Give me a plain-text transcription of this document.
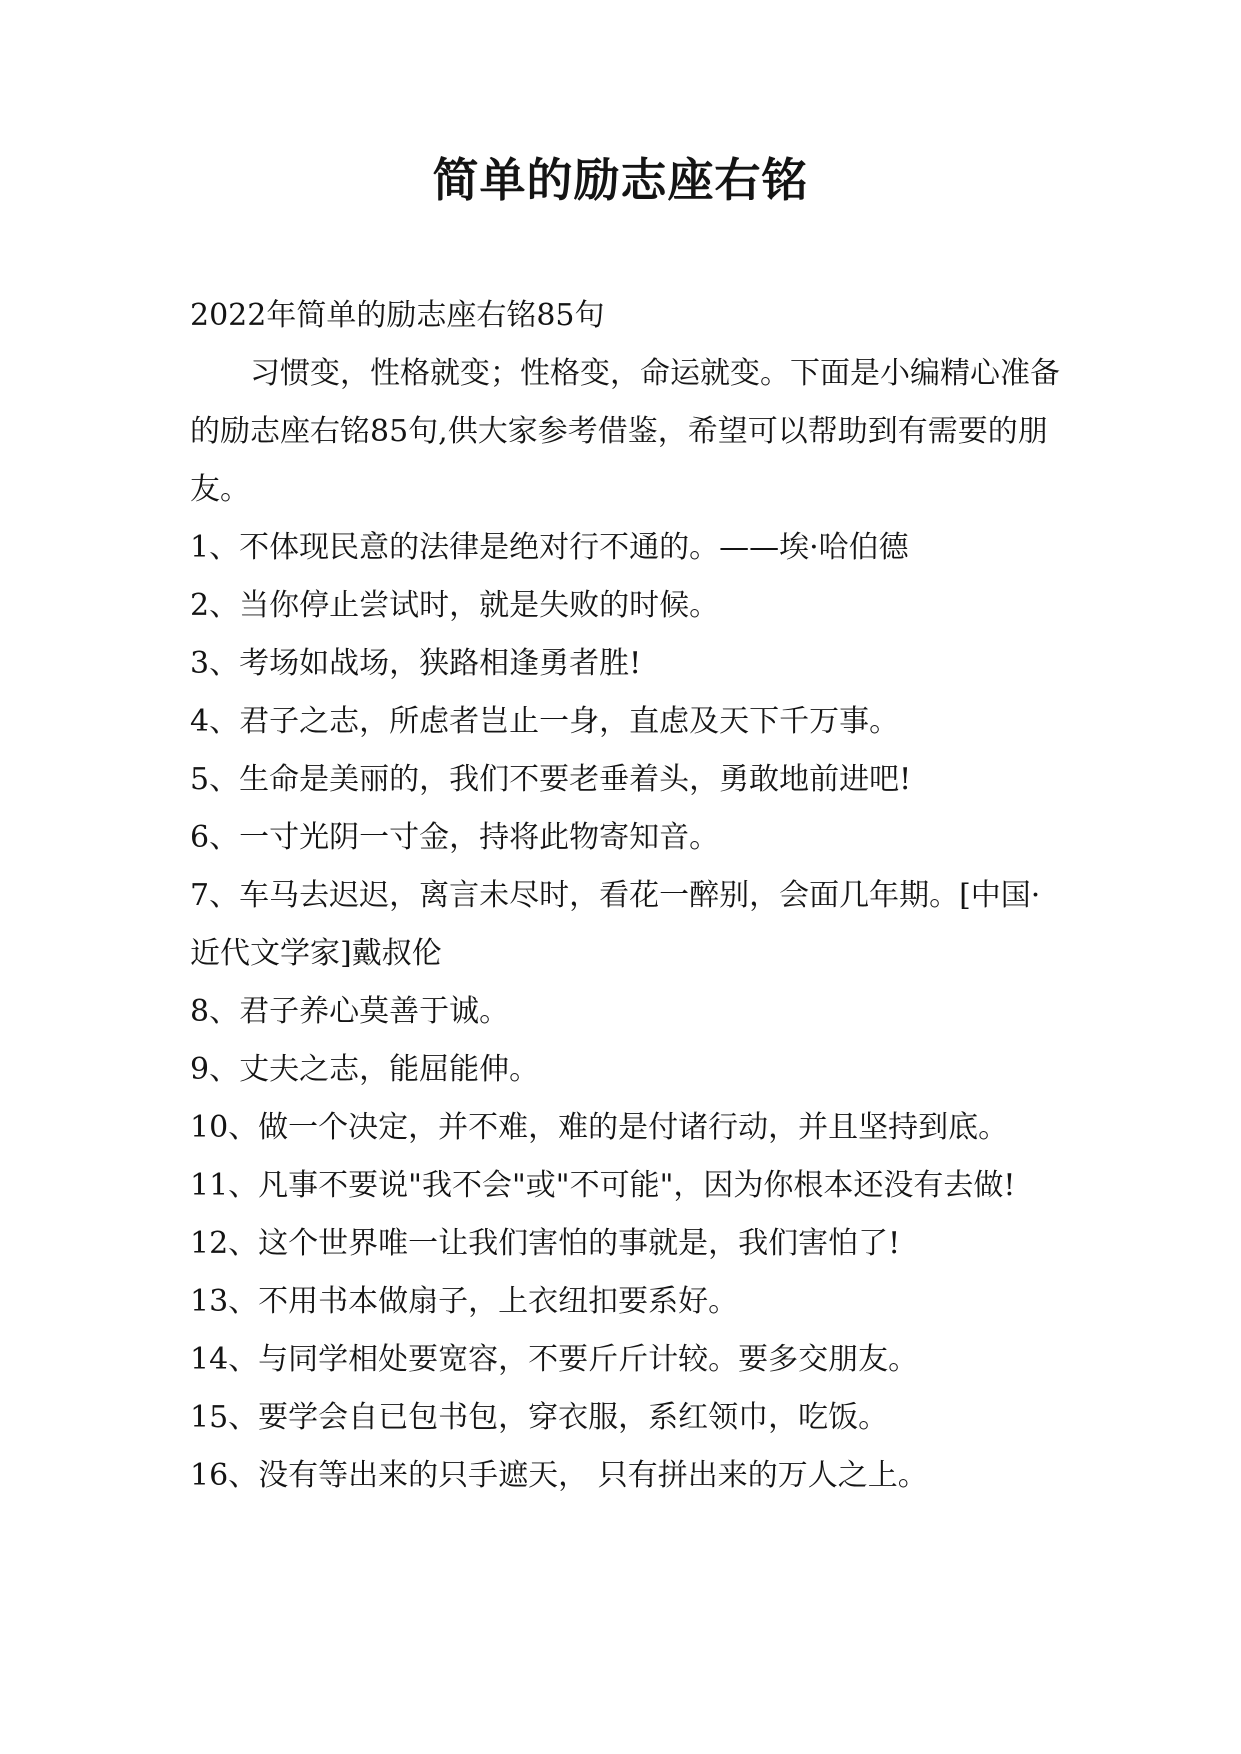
简单的励志座右铭

2022年简单的励志座右铭85句

习惯变，性格就变；性格变，命运就变。下面是小编精心准备的励志座右铭85句,供大家参考借鉴，希望可以帮助到有需要的朋友。

1、不体现民意的法律是绝对行不通的。——埃·哈伯德

2、当你停止尝试时，就是失败的时候。

3、考场如战场，狭路相逢勇者胜!

4、君子之志，所虑者岂止一身，直虑及天下千万事。

5、生命是美丽的，我们不要老垂着头，勇敢地前进吧!

6、一寸光阴一寸金，持将此物寄知音。

7、车马去迟迟，离言未尽时，看花一醉别，会面几年期。[中国·近代文学家]戴叔伦

8、君子养心莫善于诚。

9、丈夫之志，能屈能伸。

10、做一个决定，并不难，难的是付诸行动，并且坚持到底。

11、凡事不要说"我不会"或"不可能"，因为你根本还没有去做!

12、这个世界唯一让我们害怕的事就是，我们害怕了!

13、不用书本做扇子，上衣纽扣要系好。

14、与同学相处要宽容，不要斤斤计较。要多交朋友。

15、要学会自已包书包，穿衣服，系红领巾，吃饭。

16、没有等出来的只手遮天， 只有拼出来的万人之上。
